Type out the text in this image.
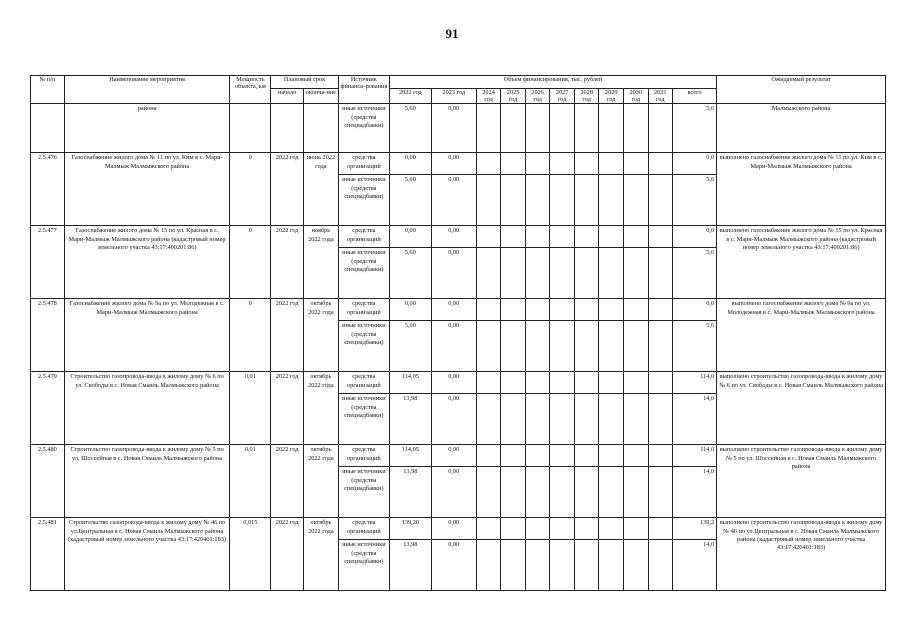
91
№ п/п	Наименование мероприятия	Мощность объекта, км	Плановый срок		Источник финанси-рования	Объем финансирования, тыс. рублей											Ожидаемый результат
			начало	оконча-ние		2022 год	2023 год	2024 год	2025 год	2026 год	2027 год	2028 год	2029 год	2030 год	2031 год	всего	
	района				иные источники (средства спецнадбавки)	5,60	0,00									5,6	Малмыжского района
2.5.476	Газоснабжение жилого дома № 11 по ул. Ким в с. Мари-Малмыж Малмыжского района	0	2022 год	июнь 2022 года	средства организаций	0,00	0,00									0,0	выполнено газоснабжение жилого дома № 11 по ул. Ким в с. Мари-Малмыж Малмыжского района
					иные источники (средства спецнадбавки)	5,60	0,00									5,6	
2.5.477	Газоснабжение жилого дома № 15 по ул. Красная в с. Мари-Малмыж Малмыжского района (кадастровый номер земельного участка 43:17:400201:86)	0	2022 год	ноябрь 2022 года	средства организаций	0,00	0,00									0,0	выполнено газоснабжение жилого дома № 15 по ул. Красная в с. Мари-Малмыж Малмыжского района (кадастровый номер земельного участка 43:17:400201:86)
					иные источники (средства спецнадбавки)	5,60	0,00									5,6	
2.5.478	Газоснабжение жилого дома № 9а по ул. Молодежная в с. Мари-Малмыж Малмыжского района	0	2022 год	октябрь 2022 года	средства организаций	0,00	0,00									0,0	выполнено газоснабжение жилого дома № 9а по ул. Молодежная в с. Мари-Малмыж Малмыжского района
					иные источники (средства спецнадбавки)	5,60	0,00									5,6	
2.5.479	Строительство газопровода-ввода к жилому дому № 6 по ул. Свободы в с. Новая Смаиль Малмыжского района	0,01	2022 год	октябрь 2022 года	средства организаций	114,05	0,00									114,0	выполнено строительство газопровода-ввода к жилому дому № 6 по ул. Свободы в с. Новая Смаиль Малмыжского района
					иные источники (средства спецнадбавки)	13,98	0,00									14,0	
2.5.480	Строительство газопровода-ввода к жилому дому № 5 по ул. Шоссейная в с. Новая Смаиль Малмыжского района	0,01	2022 год	октябрь 2022 года	средства организаций	114,05	0,00									114,0	выполнено строительство газопровода-ввода к жилому дому № 5 по ул. Шоссейная в с. Новая Смаиль Малмыжского района
					иные источники (средства спецнадбавки)	13,98	0,00									14,0	
2.5.481	Строительство газопровода-ввода к жилому дому № 46 по ул.Центральная в с. Новая Смаиль Малмыжского района (кадастровый номер земельного участка 43:17:420401:183)	0,015	2022 год	октябрь 2022 года	средства организаций	139,20	0,00									139,2	выполнено строительство газопровода-ввода к жилому дому № 46 по ул.Центральная в с. Новая Смаиль Малмыжского района (кадастровый номер земельного участка 43:17:420401:183)
					иные источники (средства спецнадбавки)	13,98	0,00									14,0	
